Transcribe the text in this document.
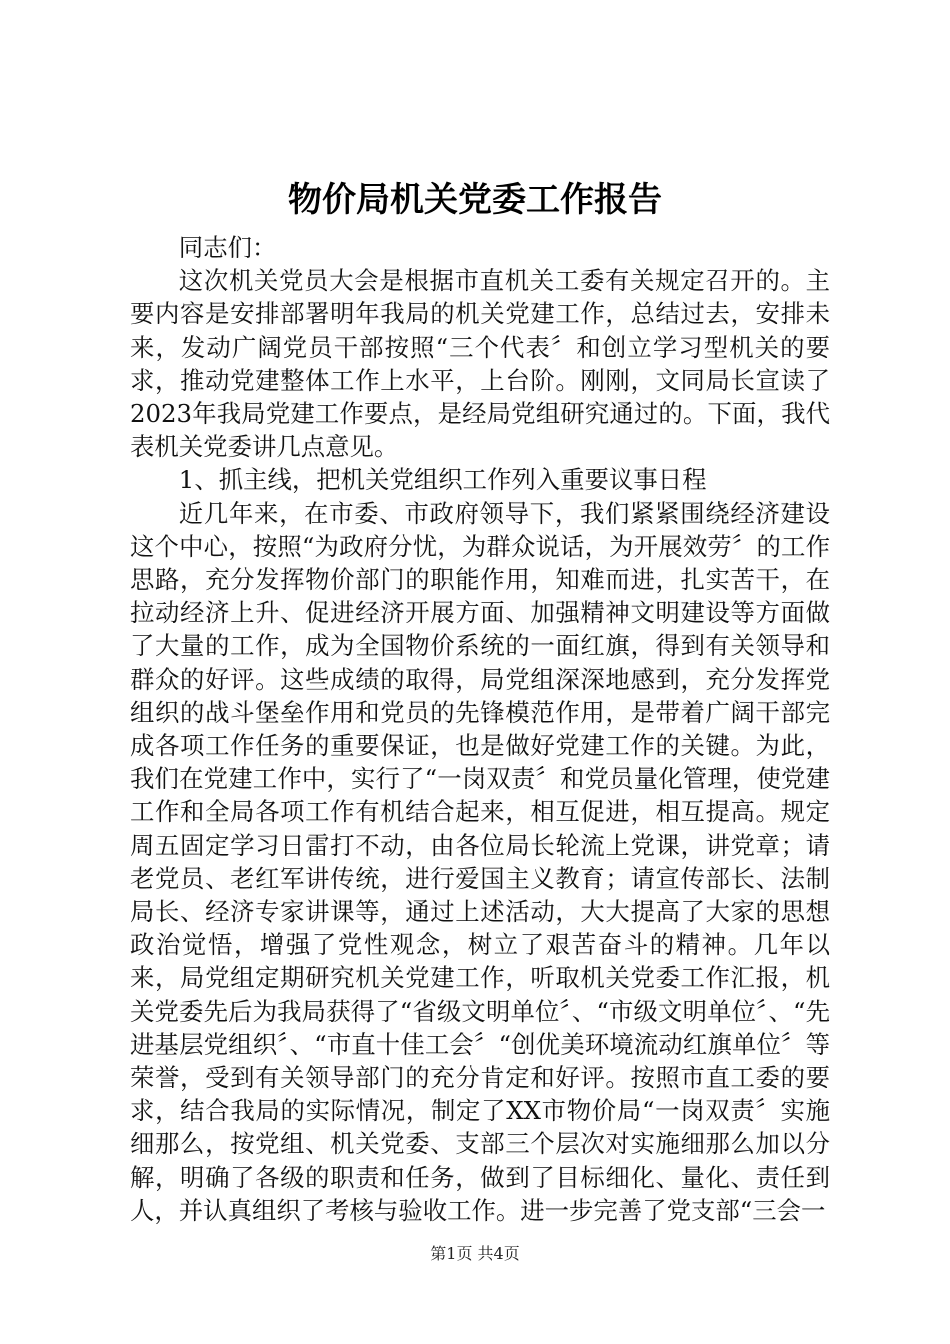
物价局机关党委工作报告

同志们：

这次机关党员大会是根据市直机关工委有关规定召开的。主要内容是安排部署明年我局的机关党建工作，总结过去，安排未来，发动广阔党员干部按照“三个代表〞和创立学习型机关的要求，推动党建整体工作上水平，上台阶。刚刚，文同局长宣读了2023年我局党建工作要点，是经局党组研究通过的。下面，我代表机关党委讲几点意见。

1、抓主线，把机关党组织工作列入重要议事日程

近几年来，在市委、市政府领导下，我们紧紧围绕经济建设这个中心，按照“为政府分忧，为群众说话，为开展效劳〞的工作思路，充分发挥物价部门的职能作用，知难而进，扎实苦干，在拉动经济上升、促进经济开展方面、加强精神文明建设等方面做了大量的工作，成为全国物价系统的一面红旗，得到有关领导和群众的好评。这些成绩的取得，局党组深深地感到，充分发挥党组织的战斗堡垒作用和党员的先锋模范作用，是带着广阔干部完成各项工作任务的重要保证，也是做好党建工作的关键。为此，我们在党建工作中，实行了“一岗双责〞和党员量化管理，使党建工作和全局各项工作有机结合起来，相互促进，相互提高。规定周五固定学习日雷打不动，由各位局长轮流上党课，讲党章；请老党员、老红军讲传统，进行爱国主义教育；请宣传部长、法制局长、经济专家讲课等，通过上述活动，大大提高了大家的思想政治觉悟，增强了党性观念，树立了艰苦奋斗的精神。几年以来，局党组定期研究机关党建工作，听取机关党委工作汇报，机关党委先后为我局获得了“省级文明单位〞、“市级文明单位〞、“先进基层党组织〞、“市直十佳工会〞“创优美环境流动红旗单位〞等荣誉，受到有关领导部门的充分肯定和好评。按照市直工委的要求，结合我局的实际情况，制定了XX市物价局“一岗双责〞实施细那么，按党组、机关党委、支部三个层次对实施细那么加以分解，明确了各级的职责和任务，做到了目标细化、量化、责任到人，并认真组织了考核与验收工作。进一步完善了党支部“三会一

第1页 共4页
